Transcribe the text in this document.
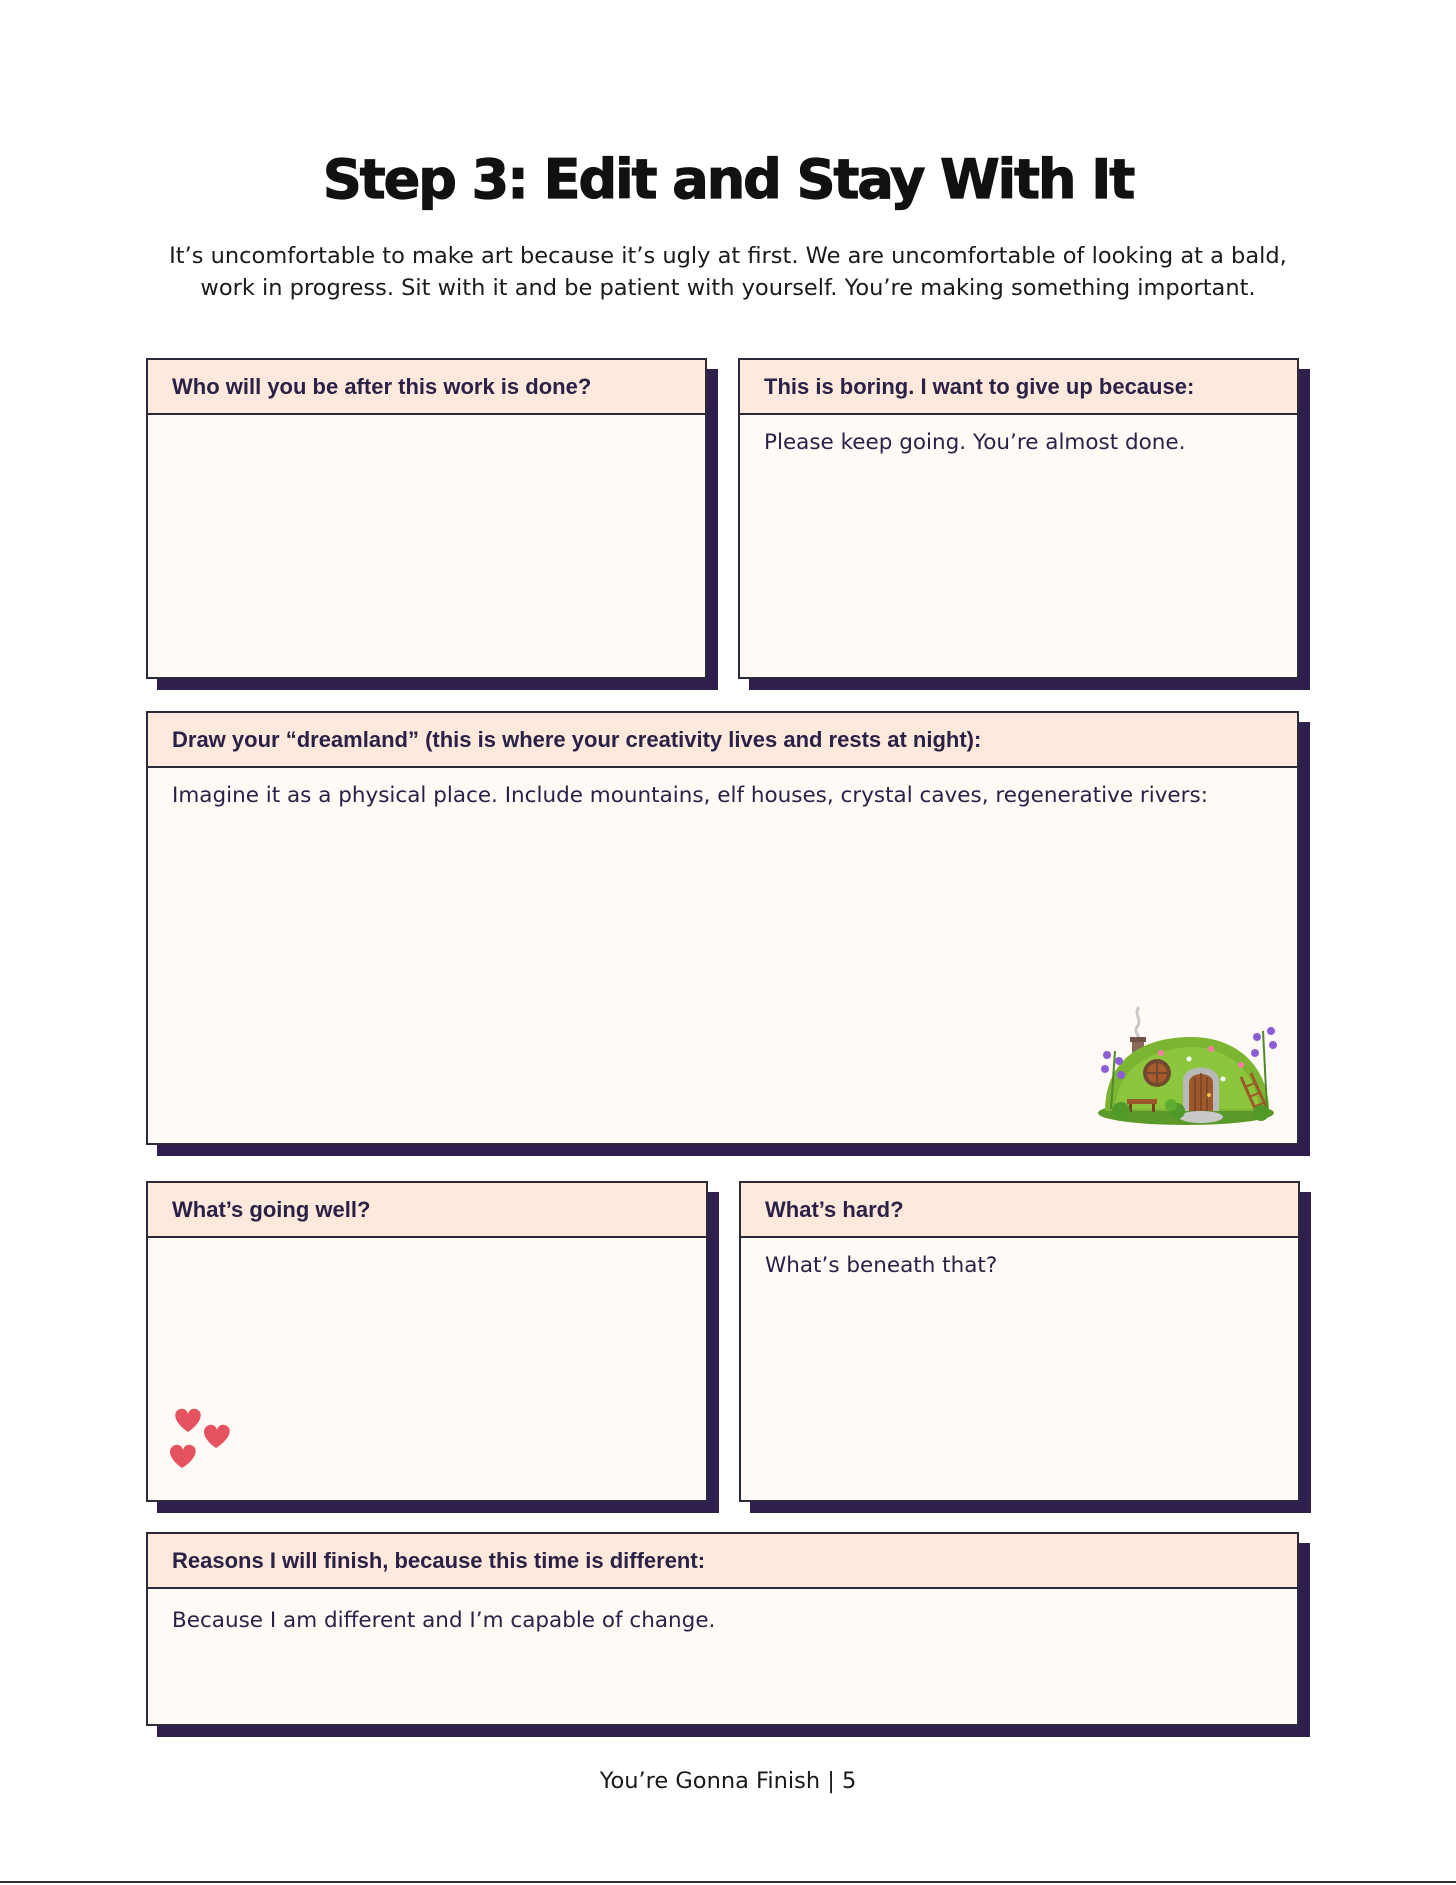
Step 3: Edit and Stay With It
It’s uncomfortable to make art because it’s ugly at first. We are uncomfortable of looking at a bald,
work in progress. Sit with it and be patient with yourself. You’re making something important.
Who will you be after this work is done?	This is boring. I want to give up because:
Please keep going. You’re almost done.
Draw your “dreamland” (this is where your creativity lives and rests at night):
Imagine it as a physical place. Include mountains, elf houses, crystal caves, regenerative rivers:
What’s going well?	What’s hard?
What’s beneath that?
Reasons I will finish, because this time is different:
Because I am different and I’m capable of change.
You’re Gonna Finish | 5
